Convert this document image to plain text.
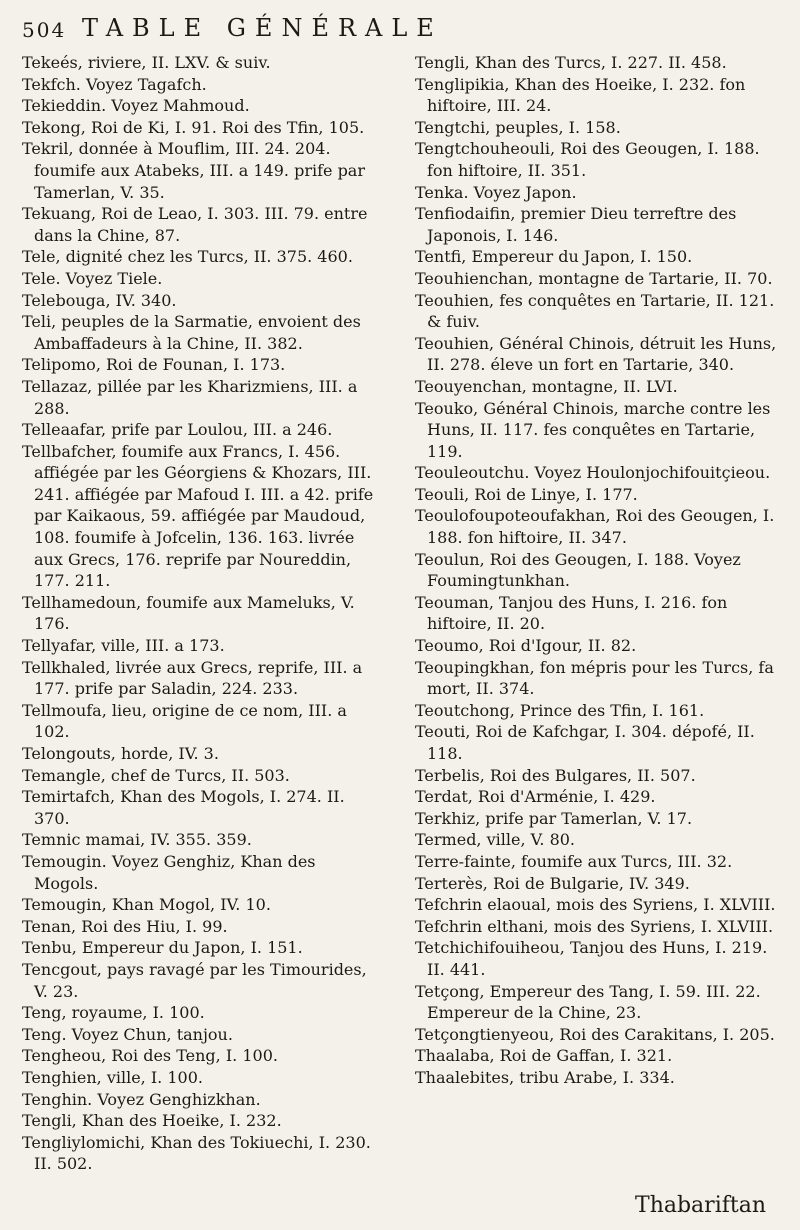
504 TABLE GÉNÉRALE

Tekeés, riviere, II. LXV. & suiv.

Tekfch. Voyez Tagafch.

Tekieddin. Voyez Mahmoud.

Tekong, Roi de Ki, I. 91. Roi des Tfin, 105.

Tekril, donnée à Mouflim, III. 24. 204. foumife aux Atabeks, III. a 149. prife par Tamerlan, V. 35.

Tekuang, Roi de Leao, I. 303. III. 79. entre dans la Chine, 87.

Tele, dignité chez les Turcs, II. 375. 460.

Tele. Voyez Tiele.

Telebouga, IV. 340.

Teli, peuples de la Sarmatie, envoient des Ambaffadeurs à la Chine, II. 382.

Telipomo, Roi de Founan, I. 173.

Tellazaz, pillée par les Kharizmiens, III. a 288.

Telleaafar, prife par Loulou, III. a 246.

Tellbafcher, foumife aux Francs, I. 456. affiégée par les Géorgiens & Khozars, III. 241. affiégée par Mafoud I. III. a 42. prife par Kaikaous, 59. affiégée par Maudoud, 108. foumife à Jofcelin, 136. 163. livrée aux Grecs, 176. reprife par Noureddin, 177. 211.

Tellhamedoun, foumife aux Mameluks, V. 176.

Tellyafar, ville, III. a 173.

Tellkhaled, livrée aux Grecs, reprife, III. a 177. prife par Saladin, 224. 233.

Tellmoufa, lieu, origine de ce nom, III. a 102.

Telongouts, horde, IV. 3.

Temangle, chef de Turcs, II. 503.

Temirtafch, Khan des Mogols, I. 274. II. 370.

Temnic mamai, IV. 355. 359.

Temougin. Voyez Genghiz, Khan des Mogols.

Temougin, Khan Mogol, IV. 10.

Tenan, Roi des Hiu, I. 99.

Tenbu, Empereur du Japon, I. 151.

Tencgout, pays ravagé par les Timourides, V. 23.

Teng, royaume, I. 100.

Teng. Voyez Chun, tanjou.

Tengheou, Roi des Teng, I. 100.

Tenghien, ville, I. 100.

Tenghin. Voyez Genghizkhan.

Tengli, Khan des Hoeike, I. 232.

Tengliylomichi, Khan des Tokiuechi, I. 230. II. 502.

Tengli, Khan des Turcs, I. 227. II. 458.

Tenglipikia, Khan des Hoeike, I. 232. fon hiftoire, III. 24.

Tengtchi, peuples, I. 158.

Tengtchouheouli, Roi des Geougen, I. 188. fon hiftoire, II. 351.

Tenka. Voyez Japon.

Tenfiodaifin, premier Dieu terreftre des Japonois, I. 146.

Tentfi, Empereur du Japon, I. 150.

Teouhienchan, montagne de Tartarie, II. 70.

Teouhien, fes conquêtes en Tartarie, II. 121. & fuiv.

Teouhien, Général Chinois, détruit les Huns, II. 278. éleve un fort en Tartarie, 340.

Teouyenchan, montagne, II. LVI.

Teouko, Général Chinois, marche contre les Huns, II. 117. fes conquêtes en Tartarie, 119.

Teouleoutchu. Voyez Houlonjochifouitçieou.

Teouli, Roi de Linye, I. 177.

Teoulofoupoteoufakhan, Roi des Geougen, I. 188. fon hiftoire, II. 347.

Teoulun, Roi des Geougen, I. 188. Voyez Foumingtunkhan.

Teouman, Tanjou des Huns, I. 216. fon hiftoire, II. 20.

Teoumo, Roi d'Igour, II. 82.

Teoupingkhan, fon mépris pour les Turcs, fa mort, II. 374.

Teoutchong, Prince des Tfin, I. 161.

Teouti, Roi de Kafchgar, I. 304. dépofé, II. 118.

Terbelis, Roi des Bulgares, II. 507.

Terdat, Roi d'Arménie, I. 429.

Terkhiz, prife par Tamerlan, V. 17.

Termed, ville, V. 80.

Terre-fainte, foumife aux Turcs, III. 32.

Terterès, Roi de Bulgarie, IV. 349.

Tefchrin elaoual, mois des Syriens, I. XLVIII.

Tefchrin elthani, mois des Syriens, I. XLVIII.

Tetchichifouiheou, Tanjou des Huns, I. 219. II. 441.

Tetçong, Empereur des Tang, I. 59. III. 22. Empereur de la Chine, 23.

Tetçongtienyeou, Roi des Carakitans, I. 205.

Thaalaba, Roi de Gaffan, I. 321.

Thaalebites, tribu Arabe, I. 334.

Thabariftan
